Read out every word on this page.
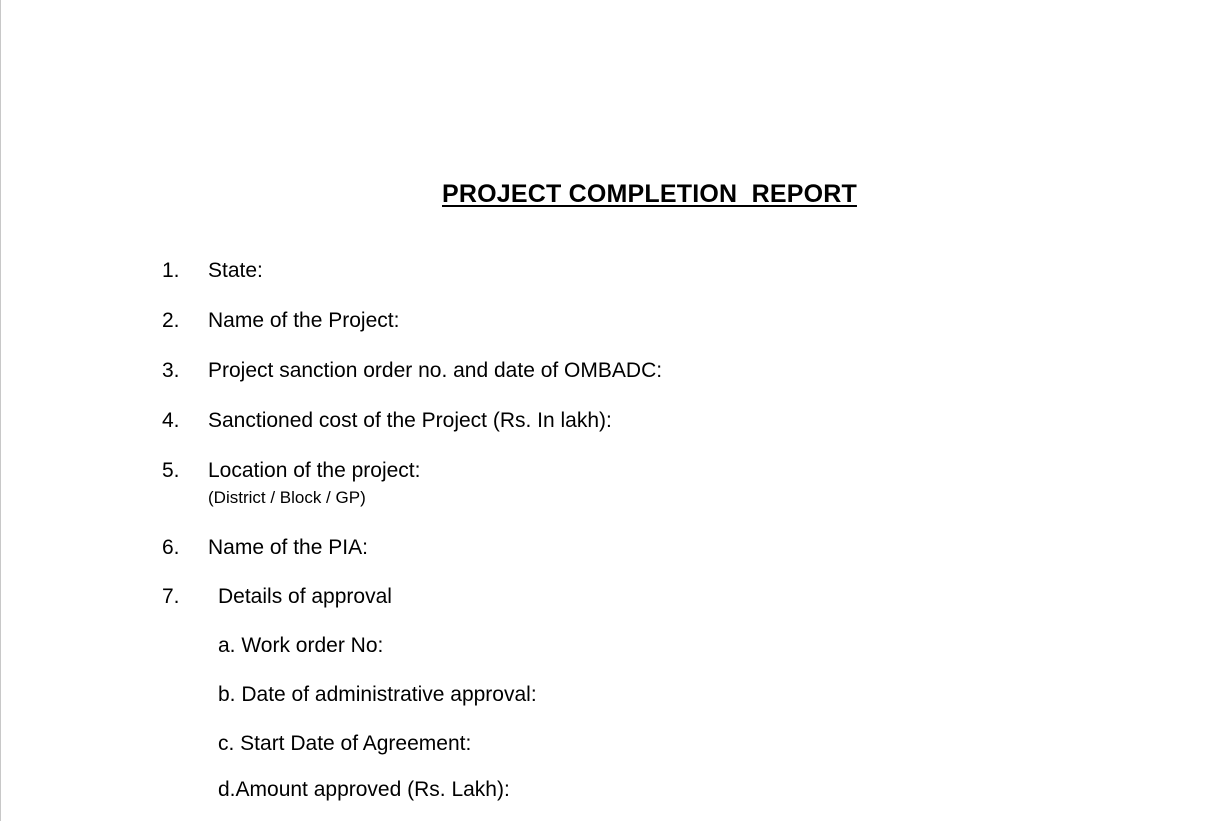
PROJECT COMPLETION  REPORT
1. State:
2. Name of the Project:
3. Project sanction order no. and date of OMBADC:
4. Sanctioned cost of the Project (Rs. In lakh):
5. Location of the project:
(District / Block / GP)
6. Name of the PIA:
7. Details of approval
a. Work order No:
b. Date of administrative approval:
c. Start Date of Agreement:
d.Amount approved (Rs. Lakh):
